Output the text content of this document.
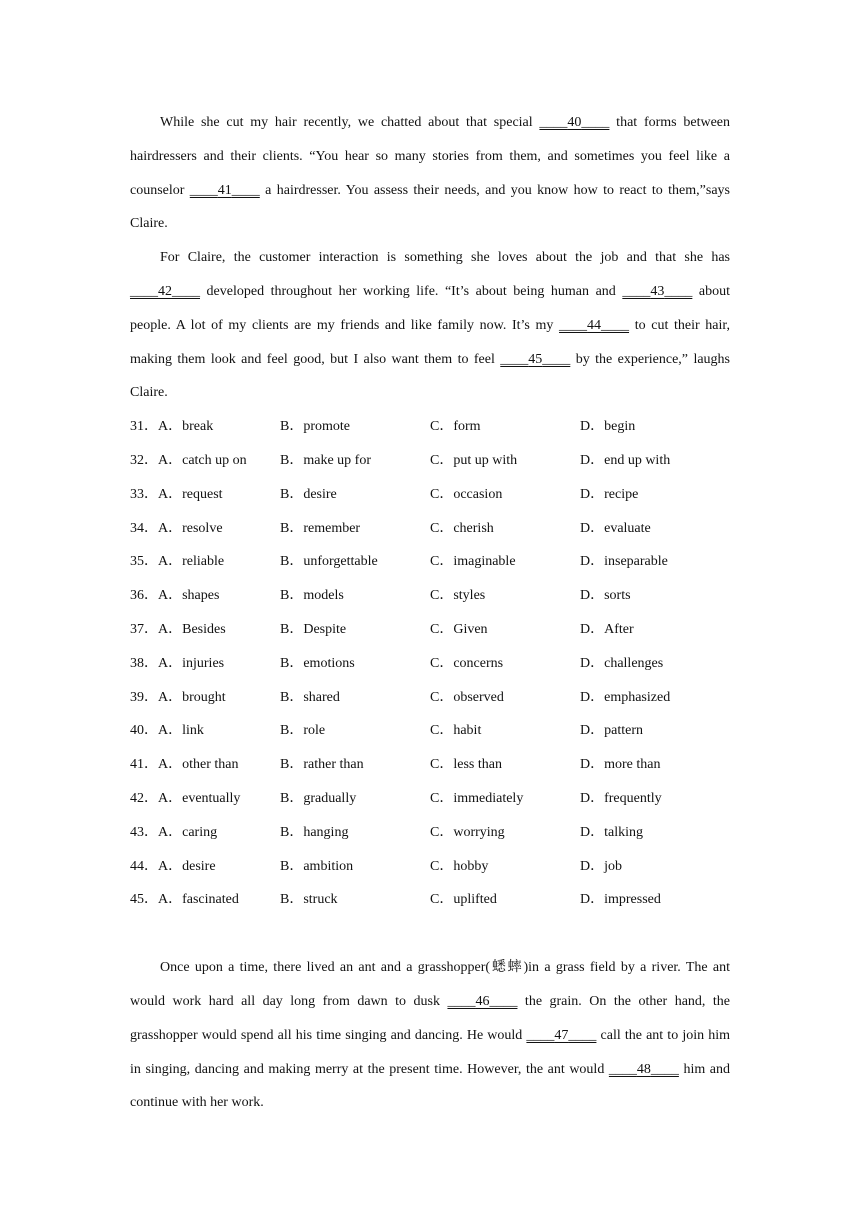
While she cut my hair recently, we chatted about that special ____40____ that forms between hairdressers and their clients. “You hear so many stories from them, and sometimes you feel like a counselor ____41____ a hairdresser. You assess their needs, and you know how to react to them,”says Claire.

For Claire, the customer interaction is something she loves about the job and that she has ____42____ developed throughout her working life. “It’s about being human and ____43____ about people. A lot of my clients are my friends and like family now. It’s my ____44____ to cut their hair, making them look and feel good, but I also want them to feel ____45____ by the experience,” laughs Claire.

31．A．break	B．promote	C．form	D．begin
32．A．catch up on B．make up for	C．put up with	D．end up with
33．A．request	B．desire	C．occasion	D．recipe
34．A．resolve	B．remember	C．cherish	D．evaluate
35．A．reliable	B．unforgettable	C．imaginable	D．inseparable
36．A．shapes	B．models	C．styles	D．sorts
37．A．Besides	B．Despite	C．Given	D．After
38．A．injuries	B．emotions	C．concerns	D．challenges
39．A．brought	B．shared	C．observed	D．emphasized
40．A．link	B．role	C．habit	D．pattern
41．A．other than	B．rather than	C．less than	D．more than
42．A．eventually	B．gradually	C．immediately	D．frequently
43．A．caring	B．hanging	C．worrying	D．talking
44．A．desire	B．ambition	C．hobby	D．job
45．A．fascinated	B．struck	C．uplifted	D．impressed

Once upon a time, there lived an ant and a grasshopper(蟋蟀)in a grass field by a river. The ant would work hard all day long from dawn to dusk ____46____ the grain. On the other hand, the grasshopper would spend all his time singing and dancing. He would ____47____ call the ant to join him in singing, dancing and making merry at the present time. However, the ant would ____48____ him and continue with her work.
